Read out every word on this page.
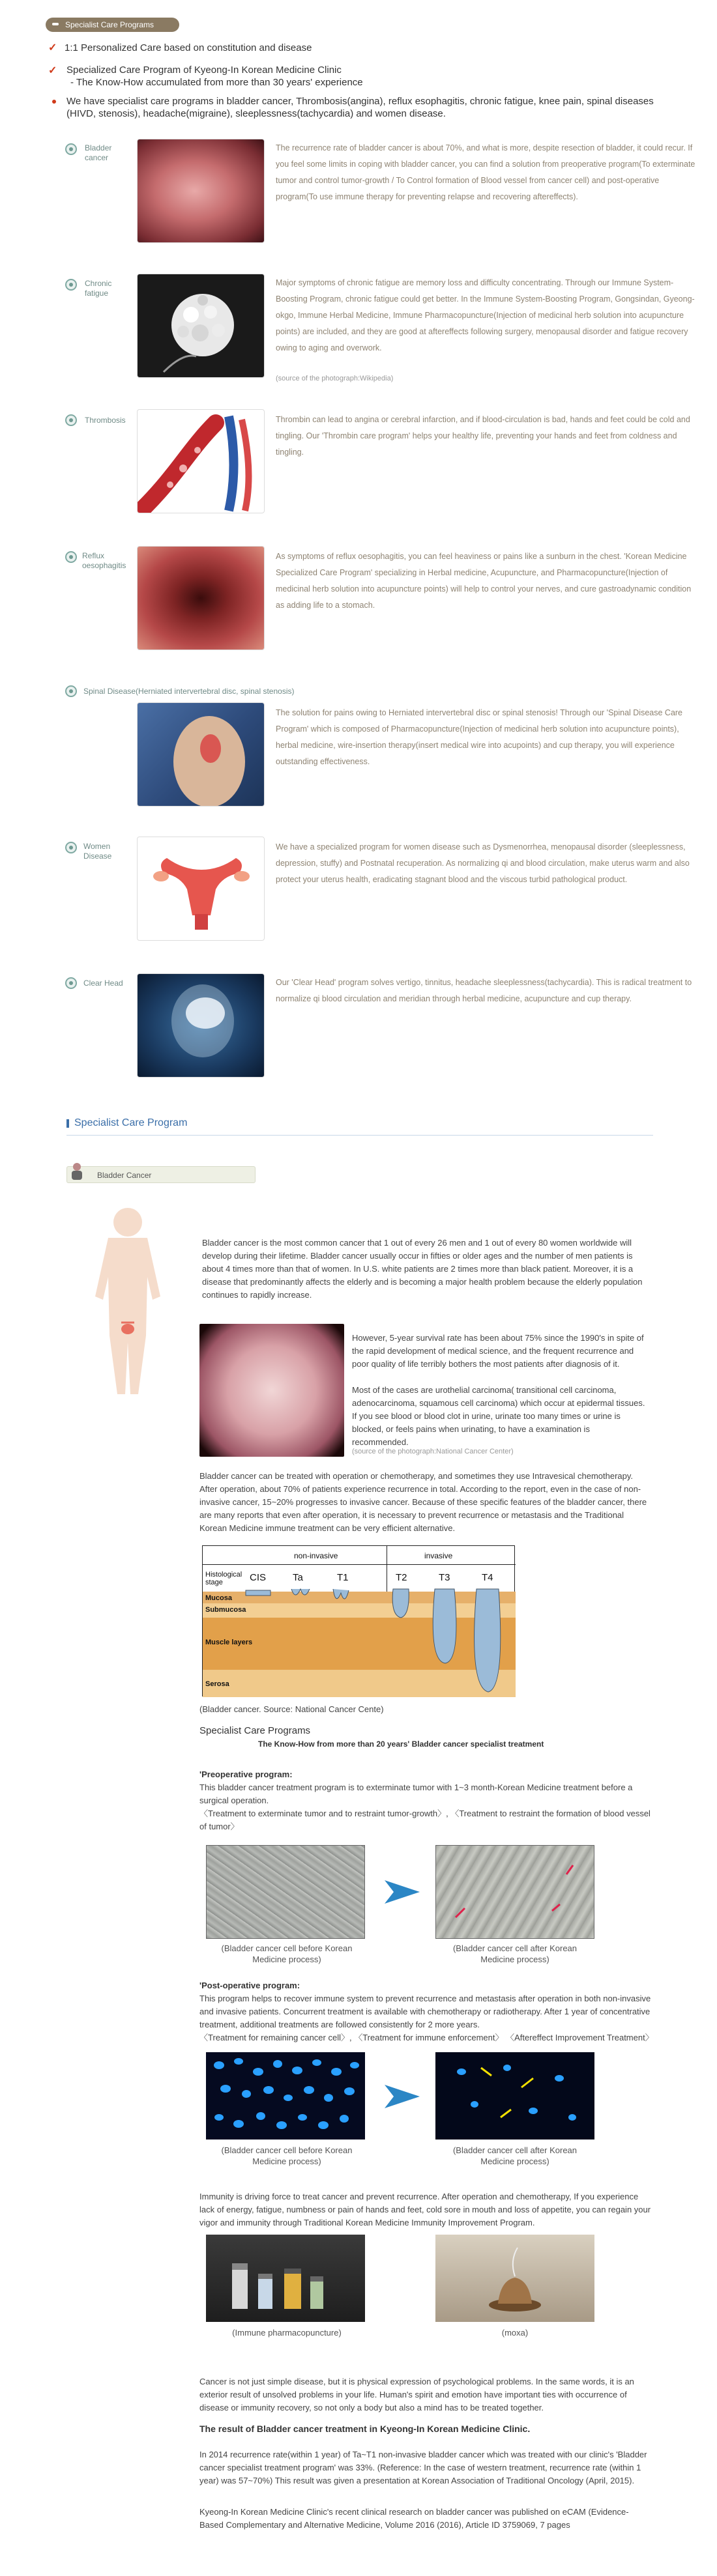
Specialist Care Programs
✓ 1:1 Personalized Care based on constitution and disease
✓ Specialized Care Program of Kyeong-In Korean Medicine Clinic
- The Know-How accumulated from more than 30 years' experience
We have specialist care programs in bladder cancer, Thrombosis(angina), reflux esophagitis, chronic fatigue, knee pain, spinal diseases (HIVD, stenosis), headache(migraine), sleeplessness(tachycardia) and women disease.
Bladder cancer
The recurrence rate of bladder cancer is about 70%, and what is more, despite resection of bladder, it could recur. If you feel some limits in coping with bladder cancer, you can find a solution from preoperative program(To exterminate tumor and control tumor-growth / To Control formation of Blood vessel from cancer cell) and post-operative program(To use immune therapy for preventing relapse and recovering aftereffects).
Chronic fatigue
Major symptoms of chronic fatigue are memory loss and difficulty concentrating. Through our Immune System-Boosting Program, chronic fatigue could get better. In the Immune System-Boosting Program, Gongsindan, Gyeong-okgo, Immune Herbal Medicine, Immune Pharmacopuncture(Injection of medicinal herb solution into acupuncture points) are included, and they are good at aftereffects following surgery, menopausal disorder and fatigue recovery owing to aging and overwork.
(source of the photograph:Wikipedia)
Thrombosis	Thrombin can lead to angina or cerebral infarction, and if blood-circulation is bad, hands and feet could be cold and tingling. Our 'Thrombin care program' helps your healthy life, preventing your hands and feet from coldness and tingling.
Reflux oesophagitis
As symptoms of reflux oesophagitis, you can feel heaviness or pains like a sunburn in the chest. 'Korean Medicine Specialized Care Program' specializing in Herbal medicine, Acupuncture, and Pharmacopuncture(Injection of medicinal herb solution into acupuncture points) will help to control your nerves, and cure gastroadynamic condition as adding life to a stomach.
Spinal Disease(Herniated intervertebral disc, spinal stenosis)
The solution for pains owing to Herniated intervertebral disc or spinal stenosis! Through our 'Spinal Disease Care Program' which is composed of Pharmacopuncture(Injection of medicinal herb solution into acupuncture points), herbal medicine, wire-insertion therapy(insert medical wire into acupoints) and cup therapy, you will experience outstanding effectiveness.
Women Disease
We have a specialized program for women disease such as Dysmenorrhea, menopausal disorder (sleeplessness, depression, stuffy) and Postnatal recuperation. As normalizing qi and blood circulation, make uterus warm and also protect your uterus health, eradicating stagnant blood and the viscous turbid pathological product.
Clear Head	Our 'Clear Head' program solves vertigo, tinnitus, headache sleeplessness(tachycardia). This is radical treatment to normalize qi blood circulation and meridian through herbal medicine, acupuncture and cup therapy.
Specialist Care Program
Bladder Cancer
Bladder cancer is the most common cancer that 1 out of every 26 men and 1 out of every 80 women worldwide will develop during their lifetime. Bladder cancer usually occur in fifties or older ages and the number of men patients is about 4 times more than that of women. In U.S. white patients are 2 times more than black patient. Moreover, it is a disease that predominantly affects the elderly and is becoming a major health problem because the elderly population continues to rapidly increase.
However, 5-year survival rate has been about 75% since the 1990's in spite of the rapid development of medical science, and the frequent recurrence and poor quality of life terribly bothers the most patients after diagnosis of it.
Most of the cases are urothelial carcinoma( transitional cell carcinoma, adenocarcinoma, squamous cell carcinoma) which occur at epidermal tissues. If you see blood or blood clot in urine, urinate too many times or urine is blocked, or feels pains when urinating, to have a examination is recommended.
(source of the photograph:National Cancer Center)
Bladder cancer can be treated with operation or chemotherapy, and sometimes they use Intravesical chemotherapy. After operation, about 70% of patients experience recurrence in total. According to the report, even in the case of non-invasive cancer, 15~20% progresses to invasive cancer. Because of these specific features of the bladder cancer, there are many reports that even after operation, it is necessary to prevent recurrence or metastasis and the Traditional Korean Medicine immune treatment can be very efficient alternative.
non-invasive	invasive
Histological stage	CIS	Ta	T1	T2	T3	T4
Mucosa
Submucosa
Muscle layers
Serosa
(Bladder cancer. Source: National Cancer Cente)
Specialist Care Programs
The Know-How from more than 20 years' Bladder cancer specialist treatment
'Preoperative program:
This bladder cancer treatment program is to exterminate tumor with 1~3 month-Korean Medicine treatment before a surgical operation.
〈Treatment to exterminate tumor and to restraint tumor-growth〉, 〈Treatment to restraint the formation of blood vessel of tumor〉
(Bladder cancer cell before Korean Medicine process)
(Bladder cancer cell after Korean Medicine process)
'Post-operative program:
This program helps to recover immune system to prevent recurrence and metastasis after operation in both non-invasive and invasive patients. Concurrent treatment is available with chemotherapy or radiotherapy. After 1 year of concentrative treatment, additional treatments are followed consistently for 2 more years.
〈Treatment for remaining cancer cell〉, 〈Treatment for immune enforcement〉 〈Aftereffect Improvement Treatment〉
(Bladder cancer cell before Korean Medicine process)
(Bladder cancer cell after Korean Medicine process)
Immunity is driving force to treat cancer and prevent recurrence. After operation and chemotherapy, If you experience lack of energy, fatigue, numbness or pain of hands and feet, cold sore in mouth and loss of appetite, you can regain your vigor and immunity through Traditional Korean Medicine Immunity Improvement Program.
(Immune pharmacopuncture)	(moxa)
Cancer is not just simple disease, but it is physical expression of psychological problems. In the same words, it is an exterior result of unsolved problems in your life. Human's spirit and emotion have important ties with occurrence of disease or immunity recovery, so not only a body but also a mind has to be treated together.
The result of Bladder cancer treatment in Kyeong-In Korean Medicine Clinic.
In 2014 recurrence rate(within 1 year) of Ta~T1 non-invasive bladder cancer which was treated with our clinic's 'Bladder cancer specialist treatment program' was 33%. (Reference: In the case of western treatment, recurrence rate (within 1 year) was 57~70%) This result was given a presentation at Korean Association of Traditional Oncology (April, 2015).
Kyeong-In Korean Medicine Clinic's recent clinical research on bladder cancer was published on eCAM (Evidence-Based Complementary and Alternative Medicine, Volume 2016 (2016), Article ID 3759069, 7 pages
